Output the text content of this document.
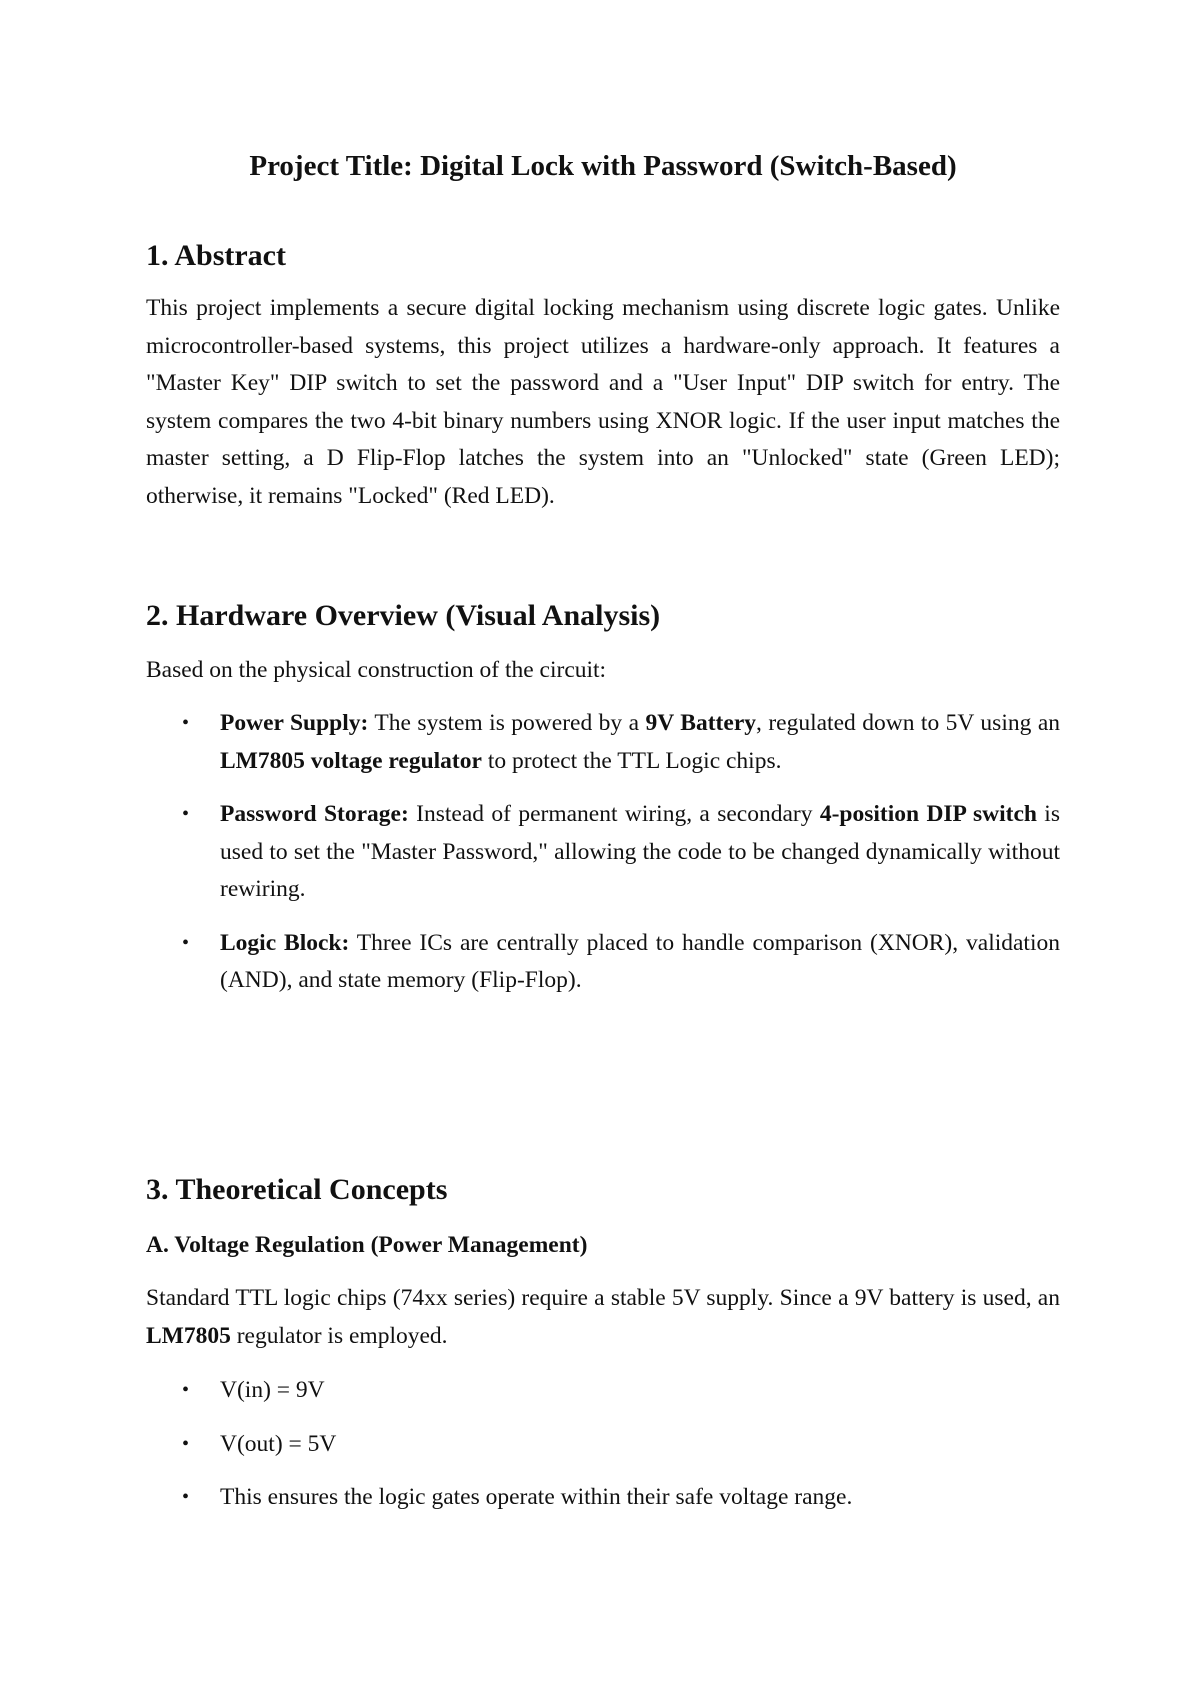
Project Title: Digital Lock with Password (Switch-Based)
1. Abstract

This project implements a secure digital locking mechanism using discrete logic gates. Unlike microcontroller-based systems, this project utilizes a hardware-only approach. It features a "Master Key" DIP switch to set the password and a "User Input" DIP switch for entry. The system compares the two 4-bit binary numbers using XNOR logic. If the user input matches the master setting, a D Flip-Flop latches the system into an "Unlocked" state (Green LED); otherwise, it remains "Locked" (Red LED).

2. Hardware Overview (Visual Analysis)

Based on the physical construction of the circuit:

• Power Supply: The system is powered by a 9V Battery, regulated down to 5V using an LM7805 voltage regulator to protect the TTL Logic chips.
• Password Storage: Instead of permanent wiring, a secondary 4-position DIP switch is used to set the "Master Password," allowing the code to be changed dynamically without rewiring.
• Logic Block: Three ICs are centrally placed to handle comparison (XNOR), validation (AND), and state memory (Flip-Flop).
3. Theoretical Concepts
A. Voltage Regulation (Power Management)

Standard TTL logic chips (74xx series) require a stable 5V supply. Since a 9V battery is used, an LM7805 regulator is employed.

• V(in) = 9V
• V(out) = 5V
• This ensures the logic gates operate within their safe voltage range.
